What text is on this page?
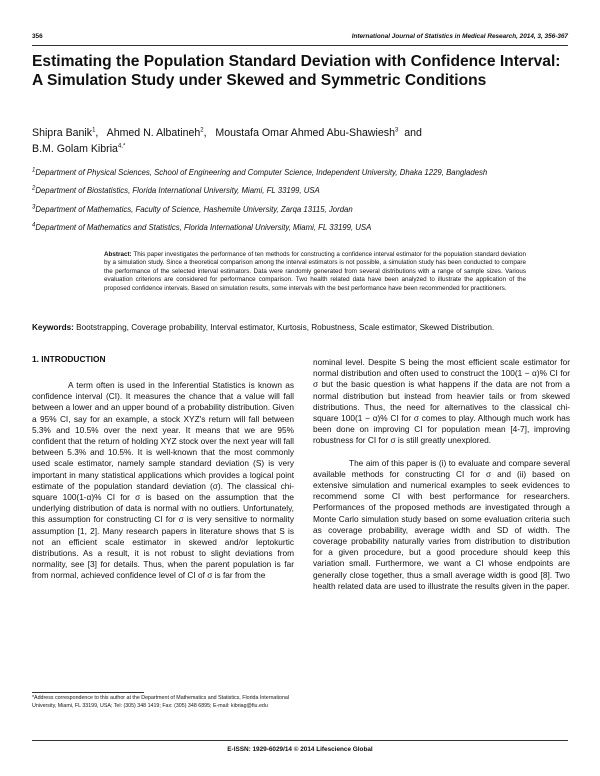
356	International Journal of Statistics in Medical Research, 2014, 3, 356-367
Estimating the Population Standard Deviation with Confidence Interval: A Simulation Study under Skewed and Symmetric Conditions
Shipra Banik$^1$,   Ahmed N. Albatineh$^2$,   Moustafa Omar Ahmed Abu-Shawiesh$^3$ and
B.M. Golam Kibria$^{4,*}$

$^1$Department of Physical Sciences, School of Engineering and Computer Science, Independent University, Dhaka 1229, Bangladesh

$^2$Department of Biostatistics, Florida International University, Miami, FL 33199, USA

$^3$Department of Mathematics, Faculty of Science, Hashemite University, Zarqa 13115, Jordan

$^4$Department of Mathematics and Statistics, Florida International University, Miami, FL 33199, USA

Abstract: This paper investigates the performance of ten methods for constructing a confidence interval estimator for the population standard deviation by a simulation study. Since a theoretical comparison among the interval estimators is not possible, a simulation study has been conducted to compare the performance of the selected interval estimators. Data were randomly generated from several distributions with a range of sample sizes. Various evaluation criterions are considered for performance comparison. Two health related data have been analyzed to illustrate the application of the proposed confidence intervals. Based on simulation results, some intervals with the best performance have been recommended for practitioners.
Keywords: Bootstrapping, Coverage probability, Interval estimator, Kurtosis, Robustness, Scale estimator, Skewed Distribution.
1. INTRODUCTION

A term often is used in the Inferential Statistics is known as confidence interval (CI). It measures the chance that a value will fall between a lower and an upper bound of a probability distribution. Given a 95% CI, say for an example, a stock XYZ's return will fall between 5.3% and 10.5% over the next year. It means that we are 95% confident that the return of holding XYZ stock over the next year will fall between 5.3% and 10.5%. It is well-known that the most commonly used scale estimator, namely sample standard deviation (S) is very important in many statistical applications which provides a logical point estimate of the population standard deviation (σ). The classical chi-square 100(1-α)% CI for σ is based on the assumption that the underlying distribution of data is normal with no outliers. Unfortunately, this assumption for constructing CI for σ is very sensitive to normality assumption [1, 2]. Many research papers in literature shows that S is not an efficient scale estimator in skewed and/or leptokurtic distributions. As a result, it is not robust to slight deviations from normality, see [3] for details. Thus, when the parent population is far from normal, achieved confidence level of CI of σ is far from the

nominal level. Despite S being the most efficient scale estimator for normal distribution and often used to construct the 100(1 − α)% CI for σ but the basic question is what happens if the data are not from a normal distribution but instead from heavier tails or from skewed distributions. Thus, the need for alternatives to the classical chi-square 100(1 − α)% CI for σ comes to play. Although much work has been done on improving CI for population mean [4-7], improving robustness for CI for σ is still greatly unexplored.

The aim of this paper is (i) to evaluate and compare several available methods for constructing CI for σ and (ii) based on extensive simulation and numerical examples to seek evidences to recommend some CI with best performance for researchers. Performances of the proposed methods are investigated through a Monte Carlo simulation study based on some evaluation criteria such as coverage probability, average width and SD of width. The coverage probability naturally varies from distribution to distribution for a given procedure, but a good procedure should keep this variation small. Furthermore, we want a CI whose endpoints are generally close together, thus a small average width is good [8]. Two health related data are used to illustrate the results given in the paper.

*Address correspondence to this author at the Department of Mathematics and Statistics, Florida International University, Miami, FL 33199, USA; Tel: (305) 348 1419; Fax: (305) 348 6895; E-mail: kibriag@fiu.edu
E-ISSN: 1929-6029/14 © 2014 Lifescience Global
